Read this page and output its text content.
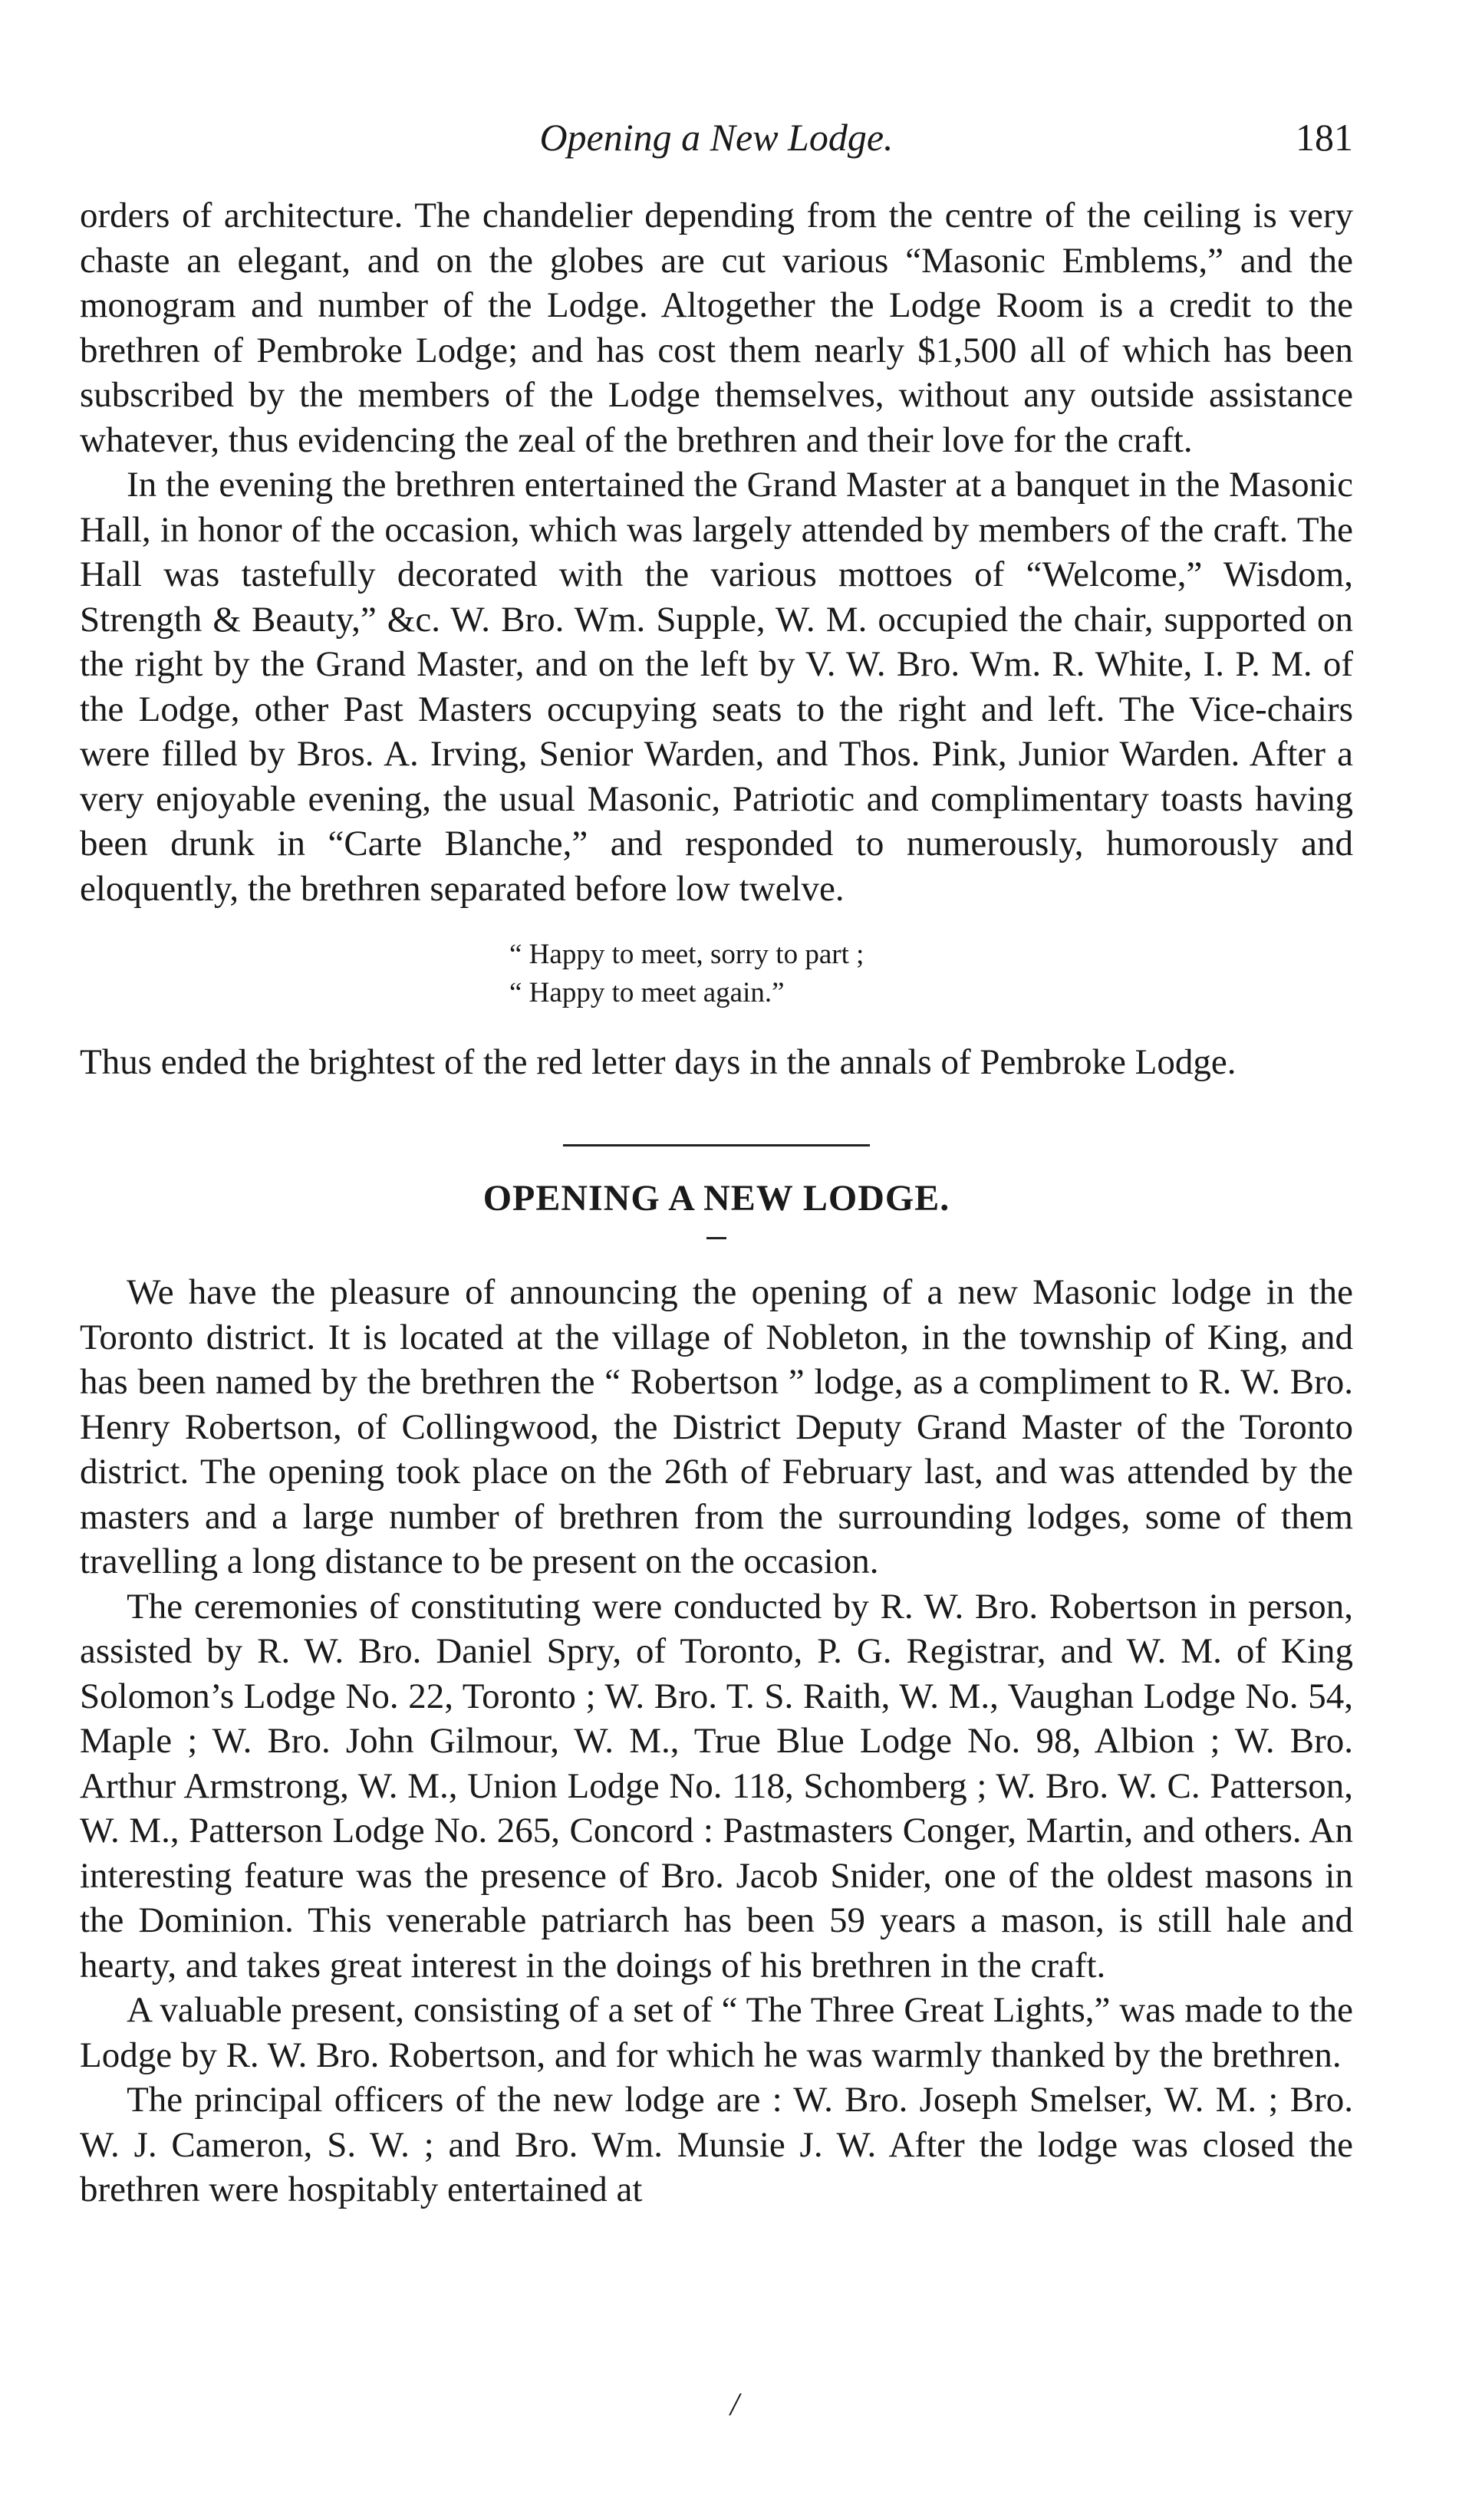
Opening a New Lodge.	181

orders of architecture. The chandelier depending from the centre of the ceiling is very chaste an elegant, and on the globes are cut various “Masonic Emblems,” and the monogram and number of the Lodge. Altogether the Lodge Room is a credit to the brethren of Pembroke Lodge; and has cost them nearly $1,500 all of which has been subscribed by the members of the Lodge themselves, without any outside assistance whatever, thus evidencing the zeal of the brethren and their love for the craft.

In the evening the brethren entertained the Grand Master at a banquet in the Masonic Hall, in honor of the occasion, which was largely attended by members of the craft. The Hall was tastefully decorated with the various mottoes of “Welcome,” Wisdom, Strength & Beauty,” &c. W. Bro. Wm. Supple, W. M. occupied the chair, supported on the right by the Grand Master, and on the left by V. W. Bro. Wm. R. White, I. P. M. of the Lodge, other Past Masters occupying seats to the right and left. The Vice-chairs were filled by Bros. A. Irving, Senior Warden, and Thos. Pink, Junior Warden. After a very enjoyable evening, the usual Masonic, Patriotic and complimentary toasts having been drunk in “Carte Blanche,” and responded to numerously, humorously and eloquently, the brethren separated before low twelve.

“ Happy to meet, sorry to part ;
“ Happy to meet again.”

Thus ended the brightest of the red letter days in the annals of Pembroke Lodge.

OPENING A NEW LODGE.

We have the pleasure of announcing the opening of a new Masonic lodge in the Toronto district. It is located at the village of Nobleton, in the township of King, and has been named by the brethren the “ Robertson ” lodge, as a compliment to R. W. Bro. Henry Robertson, of Collingwood, the District Deputy Grand Master of the Toronto district. The opening took place on the 26th of February last, and was attended by the masters and a large number of brethren from the surrounding lodges, some of them travelling a long distance to be present on the occasion.

The ceremonies of constituting were conducted by R. W. Bro. Robertson in person, assisted by R. W. Bro. Daniel Spry, of Toronto, P. G. Registrar, and W. M. of King Solomon’s Lodge No. 22, Toronto ; W. Bro. T. S. Raith, W. M., Vaughan Lodge No. 54, Maple ; W. Bro. John Gilmour, W. M., True Blue Lodge No. 98, Albion ; W. Bro. Arthur Armstrong, W. M., Union Lodge No. 118, Schomberg ; W. Bro. W. C. Patterson, W. M., Patterson Lodge No. 265, Concord : Pastmasters Conger, Martin, and others. An interesting feature was the presence of Bro. Jacob Snider, one of the oldest masons in the Dominion. This venerable patriarch has been 59 years a mason, is still hale and hearty, and takes great interest in the doings of his brethren in the craft.

A valuable present, consisting of a set of “ The Three Great Lights,” was made to the Lodge by R. W. Bro. Robertson, and for which he was warmly thanked by the brethren.

The principal officers of the new lodge are : W. Bro. Joseph Smelser, W. M. ; Bro. W. J. Cameron, S. W. ; and Bro. Wm. Munsie J. W. After the lodge was closed the brethren were hospitably entertained at

/
